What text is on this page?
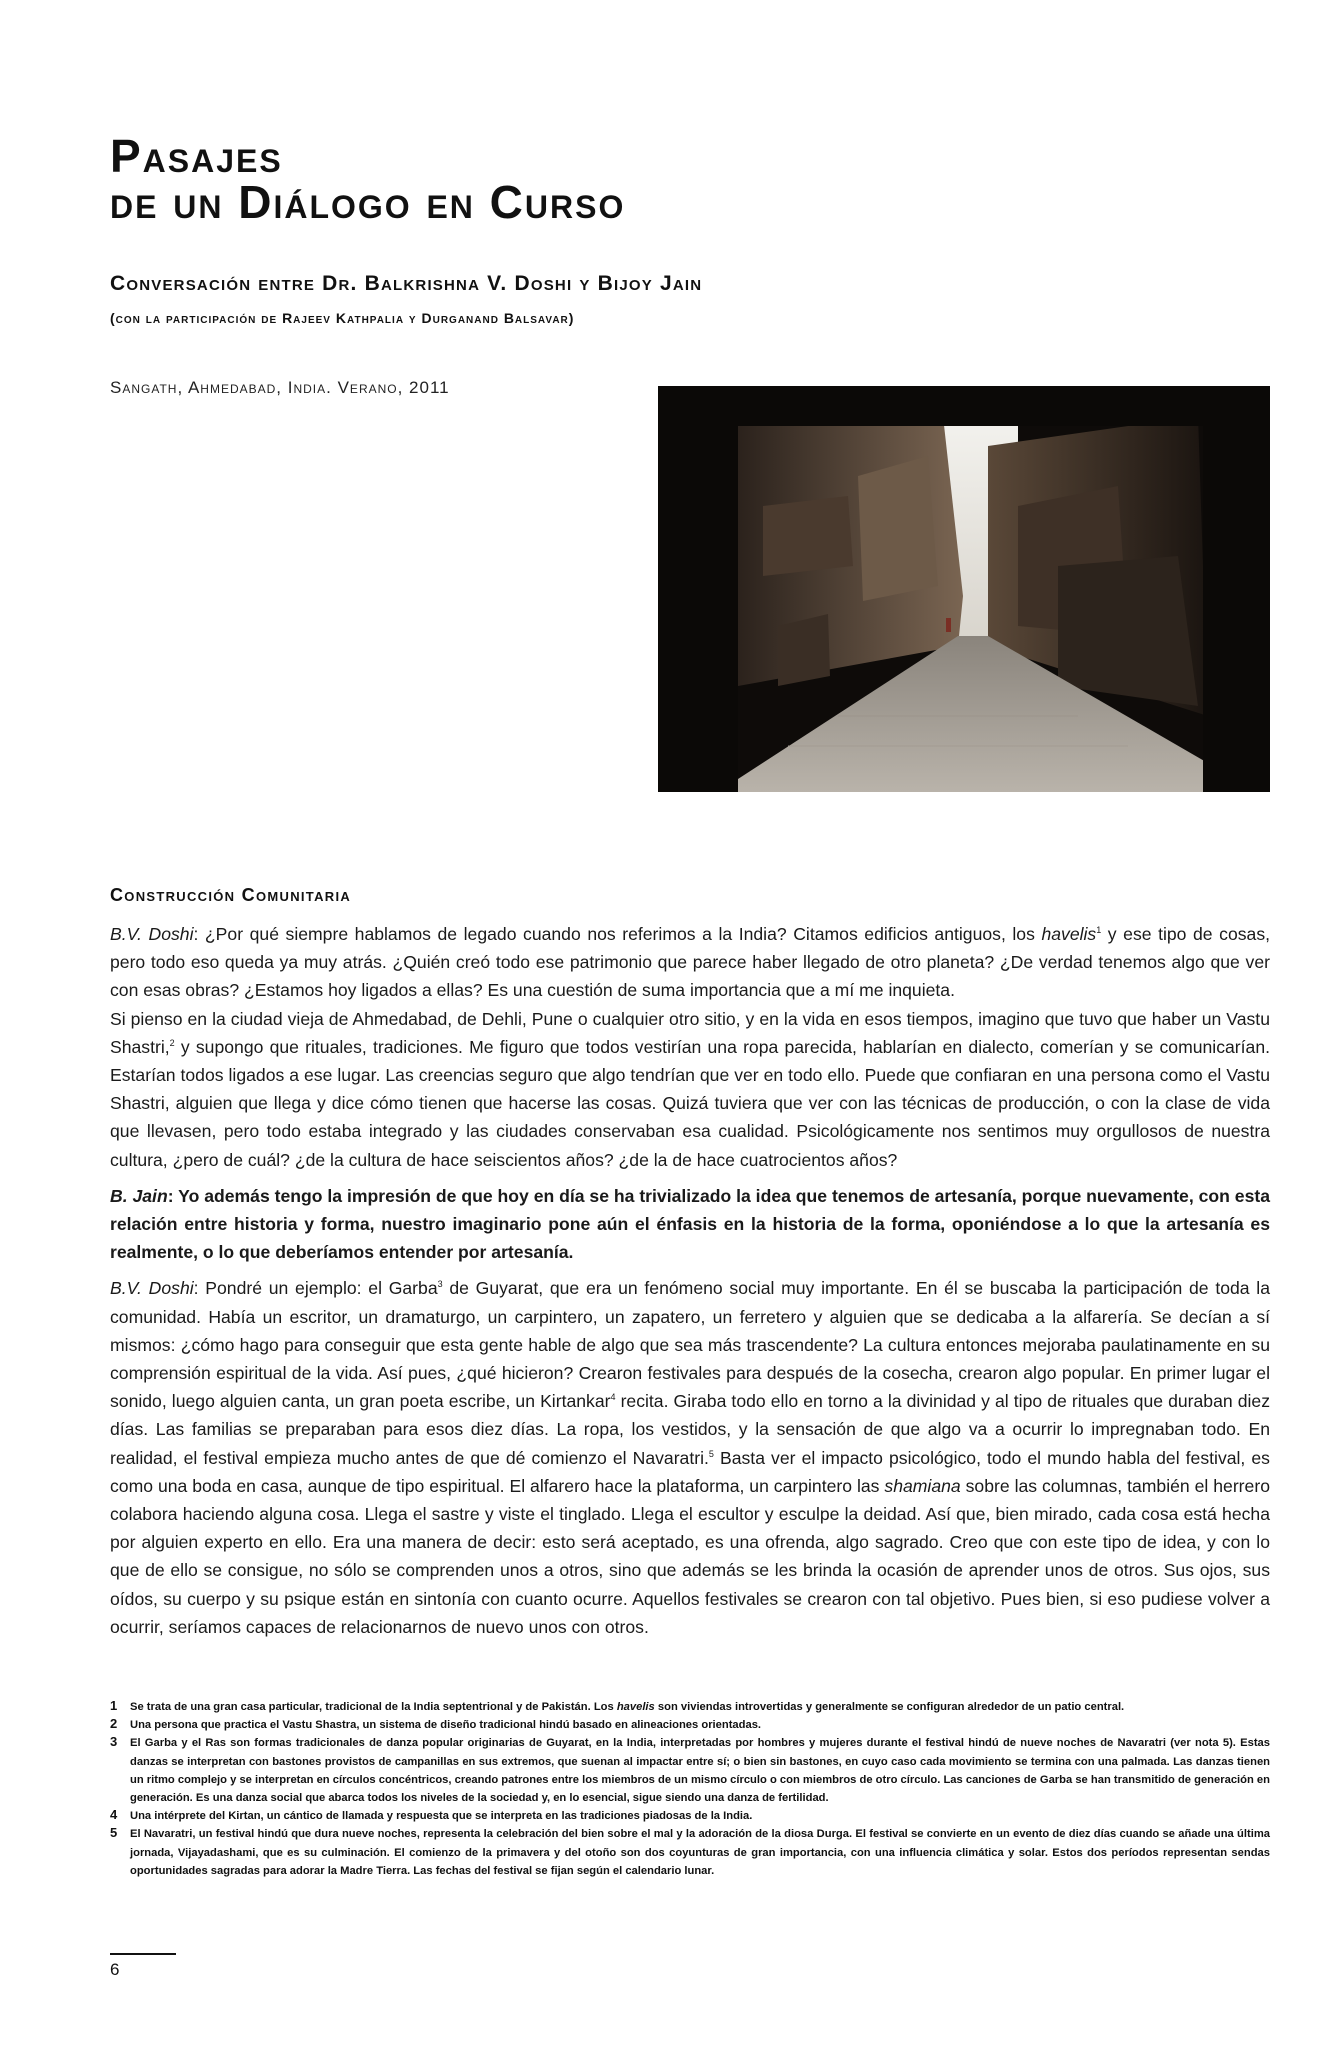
Pasajes
de un Diálogo en Curso
Conversación entre Dr. Balkrishna V. Doshi y Bijoy Jain
(con la participación de Rajeev Kathpalia y Durganand Balsavar)
Sangath, Ahmedabad, India. Verano, 2011
Construcción Comunitaria

B.V. Doshi: ¿Por qué siempre hablamos de legado cuando nos referimos a la India? Citamos edificios antiguos, los havelis$^1$ y ese tipo de cosas, pero todo eso queda ya muy atrás. ¿Quién creó todo ese patrimonio que parece haber llegado de otro planeta? ¿De verdad tenemos algo que ver con esas obras? ¿Estamos hoy ligados a ellas? Es una cuestión de suma importancia que a mí me inquieta.

Si pienso en la ciudad vieja de Ahmedabad, de Dehli, Pune o cualquier otro sitio, y en la vida en esos tiempos, imagino que tuvo que haber un Vastu Shastri,$^2$ y supongo que rituales, tradiciones. Me figuro que todos vestirían una ropa parecida, hablarían en dialecto, comerían y se comunicarían. Estarían todos ligados a ese lugar. Las creencias seguro que algo tendrían que ver en todo ello. Puede que confiaran en una persona como el Vastu Shastri, alguien que llega y dice cómo tienen que hacerse las cosas. Quizá tuviera que ver con las técnicas de producción, o con la clase de vida que llevasen, pero todo estaba integrado y las ciudades conservaban esa cualidad. Psicológicamente nos sentimos muy orgullosos de nuestra cultura, ¿pero de cuál? ¿de la cultura de hace seiscientos años? ¿de la de hace cuatrocientos años?

B. Jain: Yo además tengo la impresión de que hoy en día se ha trivializado la idea que tenemos de artesanía, porque nuevamente, con esta relación entre historia y forma, nuestro imaginario pone aún el énfasis en la historia de la forma, oponiéndose a lo que la artesanía es realmente, o lo que deberíamos entender por artesanía.

B.V. Doshi: Pondré un ejemplo: el Garba$^3$ de Guyarat, que era un fenómeno social muy importante. En él se buscaba la participación de toda la comunidad. Había un escritor, un dramaturgo, un carpintero, un zapatero, un ferretero y alguien que se dedicaba a la alfarería. Se decían a sí mismos: ¿cómo hago para conseguir que esta gente hable de algo que sea más trascendente? La cultura entonces mejoraba paulatinamente en su comprensión espiritual de la vida. Así pues, ¿qué hicieron? Crearon festivales para después de la cosecha, crearon algo popular. En primer lugar el sonido, luego alguien canta, un gran poeta escribe, un Kirtankar$^4$ recita. Giraba todo ello en torno a la divinidad y al tipo de rituales que duraban diez días. Las familias se preparaban para esos diez días. La ropa, los vestidos, y la sensación de que algo va a ocurrir lo impregnaban todo. En realidad, el festival empieza mucho antes de que dé comienzo el Navaratri.$^5$ Basta ver el impacto psicológico, todo el mundo habla del festival, es como una boda en casa, aunque de tipo espiritual. El alfarero hace la plataforma, un carpintero las shamiana sobre las columnas, también el herrero colabora haciendo alguna cosa. Llega el sastre y viste el tinglado. Llega el escultor y esculpe la deidad. Así que, bien mirado, cada cosa está hecha por alguien experto en ello. Era una manera de decir: esto será aceptado, es una ofrenda, algo sagrado. Creo que con este tipo de idea, y con lo que de ello se consigue, no sólo se comprenden unos a otros, sino que además se les brinda la ocasión de aprender unos de otros. Sus ojos, sus oídos, su cuerpo y su psique están en sintonía con cuanto ocurre. Aquellos festivales se crearon con tal objetivo. Pues bien, si eso pudiese volver a ocurrir, seríamos capaces de relacionarnos de nuevo unos con otros.

1 Se trata de una gran casa particular, tradicional de la India septentrional y de Pakistán. Los havelis son viviendas introvertidas y generalmente se configuran alrededor de un patio central.
2 Una persona que practica el Vastu Shastra, un sistema de diseño tradicional hindú basado en alineaciones orientadas.
3 El Garba y el Ras son formas tradicionales de danza popular originarias de Guyarat, en la India, interpretadas por hombres y mujeres durante el festival hindú de nueve noches de Navaratri (ver nota 5). Estas danzas se interpretan con bastones provistos de campanillas en sus extremos, que suenan al impactar entre sí; o bien sin bastones, en cuyo caso cada movimiento se termina con una palmada. Las danzas tienen un ritmo complejo y se interpretan en círculos concéntricos, creando patrones entre los miembros de un mismo círculo o con miembros de otro círculo. Las canciones de Garba se han transmitido de generación en generación. Es una danza social que abarca todos los niveles de la sociedad y, en lo esencial, sigue siendo una danza de fertilidad.
4 Una intérprete del Kirtan, un cántico de llamada y respuesta que se interpreta en las tradiciones piadosas de la India.
5 El Navaratri, un festival hindú que dura nueve noches, representa la celebración del bien sobre el mal y la adoración de la diosa Durga. El festival se convierte en un evento de diez días cuando se añade una última jornada, Vijayadashami, que es su culminación. El comienzo de la primavera y del otoño son dos coyunturas de gran importancia, con una influencia climática y solar. Estos dos períodos representan sendas oportunidades sagradas para adorar la Madre Tierra. Las fechas del festival se fijan según el calendario lunar.
6
